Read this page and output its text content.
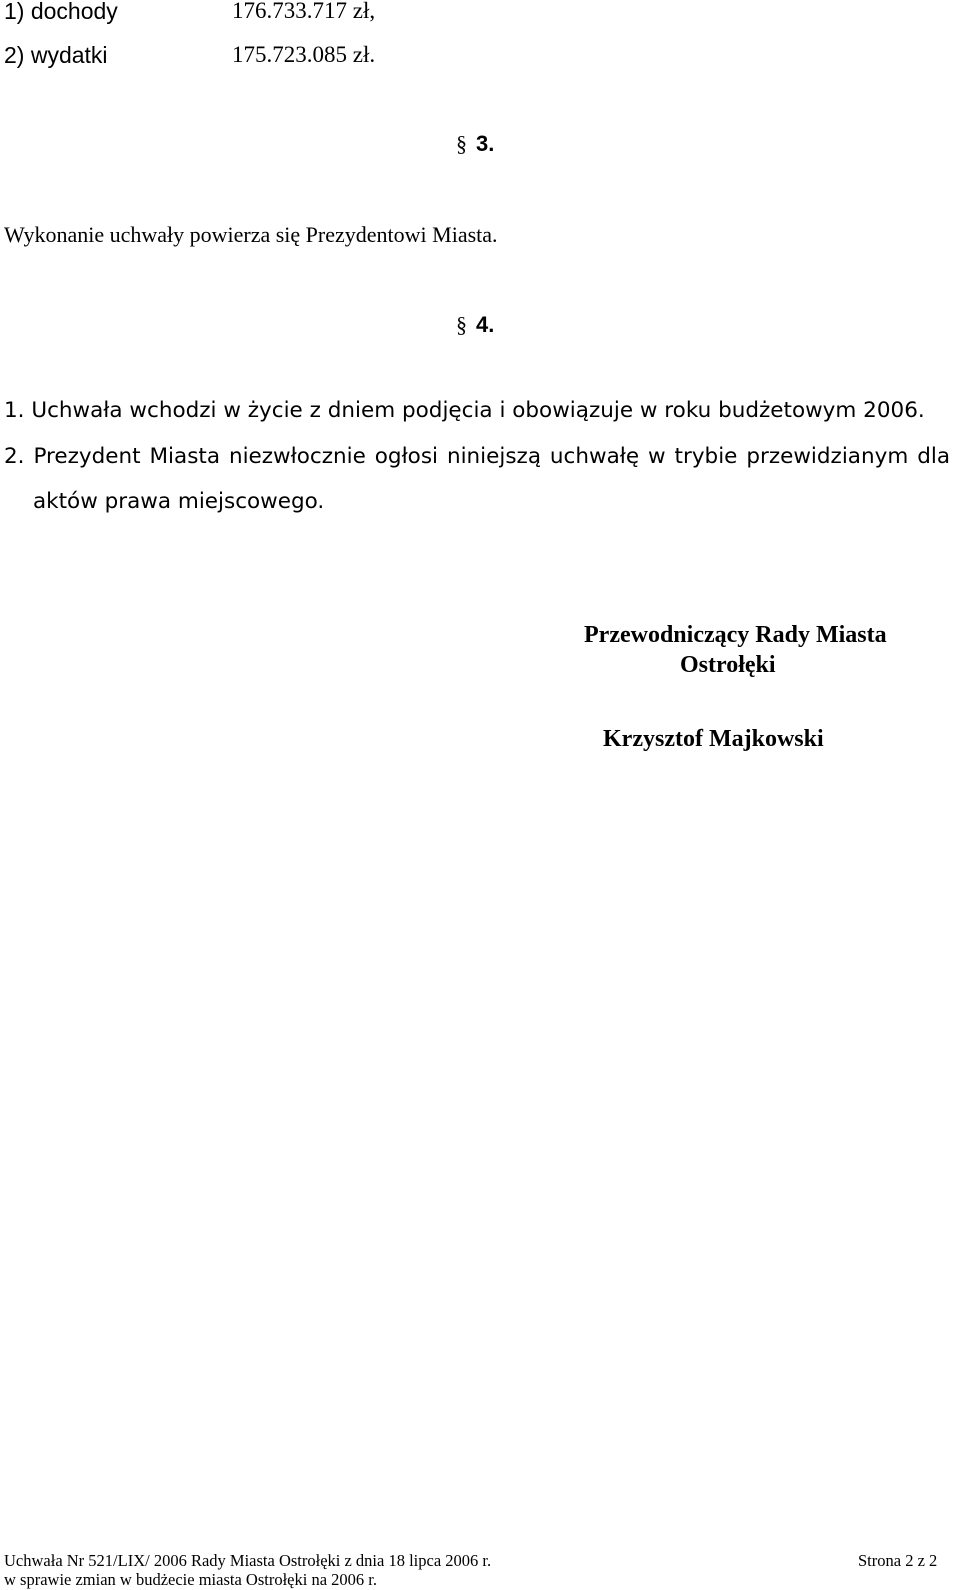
1) dochody	176.733.717 zł,
2) wydatki	175.723.085 zł.
§ 3.
Wykonanie uchwały powierza się Prezydentowi Miasta.
§ 4.
1. Uchwała wchodzi w życie z dniem podjęcia i obowiązuje w roku budżetowym 2006.
2. Prezydent Miasta niezwłocznie ogłosi niniejszą uchwałę w trybie przewidzianym dla
aktów prawa miejscowego.
Przewodniczący Rady Miasta
Ostrołęki
Krzysztof Majkowski
Uchwała Nr 521/LIX/ 2006 Rady Miasta Ostrołęki z dnia 18 lipca 2006 r.	Strona 2 z 2
w sprawie zmian w budżecie miasta Ostrołęki na 2006 r.
